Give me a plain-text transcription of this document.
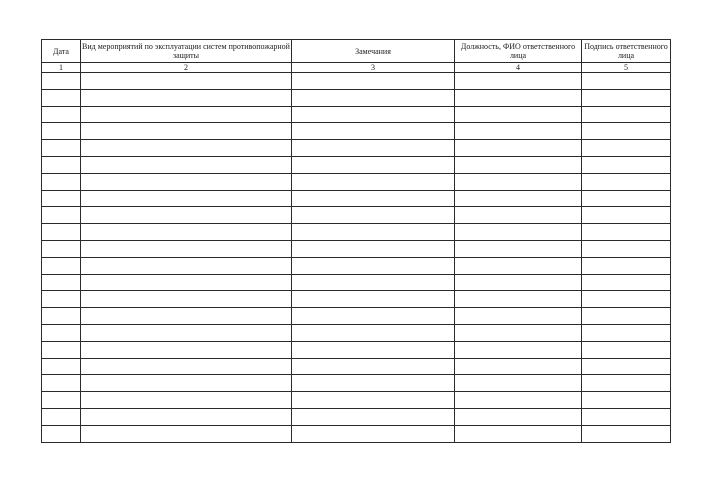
Дата	Вид мероприятий по эксплуатации систем противопожарной защиты	Замечания	Должность, ФИО ответственного лица	Подпись ответственного лица
1	2	3	4	5
